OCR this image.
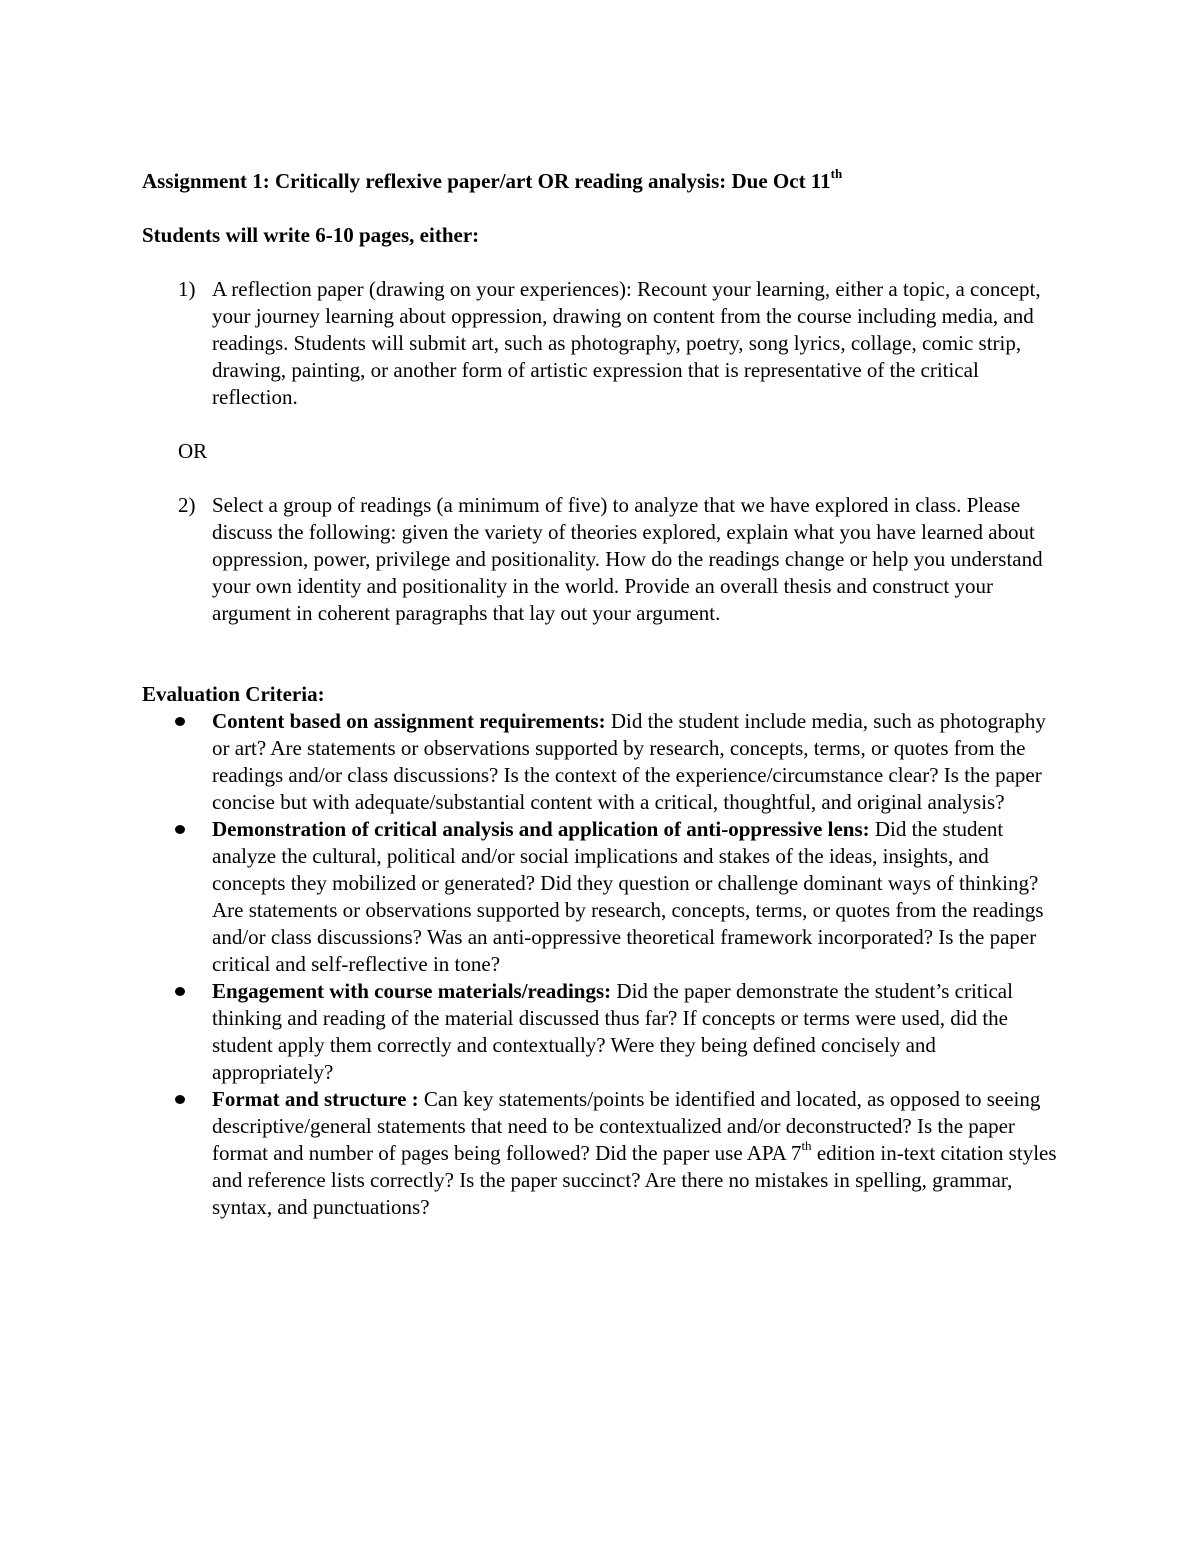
Assignment 1: Critically reflexive paper/art OR reading analysis: Due Oct 11th
Students will write 6-10 pages, either:
1) A reflection paper (drawing on your experiences): Recount your learning, either a topic, a concept, your journey learning about oppression, drawing on content from the course including media, and readings. Students will submit art, such as photography, poetry, song lyrics, collage, comic strip, drawing, painting, or another form of artistic expression that is representative of the critical reflection.
OR
2) Select a group of readings (a minimum of five) to analyze that we have explored in class. Please discuss the following: given the variety of theories explored, explain what you have learned about oppression, power, privilege and positionality. How do the readings change or help you understand your own identity and positionality in the world. Provide an overall thesis and construct your argument in coherent paragraphs that lay out your argument.
Evaluation Criteria:
Content based on assignment requirements: Did the student include media, such as photography or art? Are statements or observations supported by research, concepts, terms, or quotes from the readings and/or class discussions? Is the context of the experience/circumstance clear? Is the paper concise but with adequate/substantial content with a critical, thoughtful, and original analysis?
Demonstration of critical analysis and application of anti-oppressive lens: Did the student analyze the cultural, political and/or social implications and stakes of the ideas, insights, and concepts they mobilized or generated? Did they question or challenge dominant ways of thinking? Are statements or observations supported by research, concepts, terms, or quotes from the readings and/or class discussions? Was an anti-oppressive theoretical framework incorporated? Is the paper critical and self-reflective in tone?
Engagement with course materials/readings: Did the paper demonstrate the student’s critical thinking and reading of the material discussed thus far? If concepts or terms were used, did the student apply them correctly and contextually? Were they being defined concisely and appropriately?
Format and structure : Can key statements/points be identified and located, as opposed to seeing descriptive/general statements that need to be contextualized and/or deconstructed? Is the paper format and number of pages being followed? Did the paper use APA 7th edition in-text citation styles and reference lists correctly? Is the paper succinct? Are there no mistakes in spelling, grammar, syntax, and punctuations?
